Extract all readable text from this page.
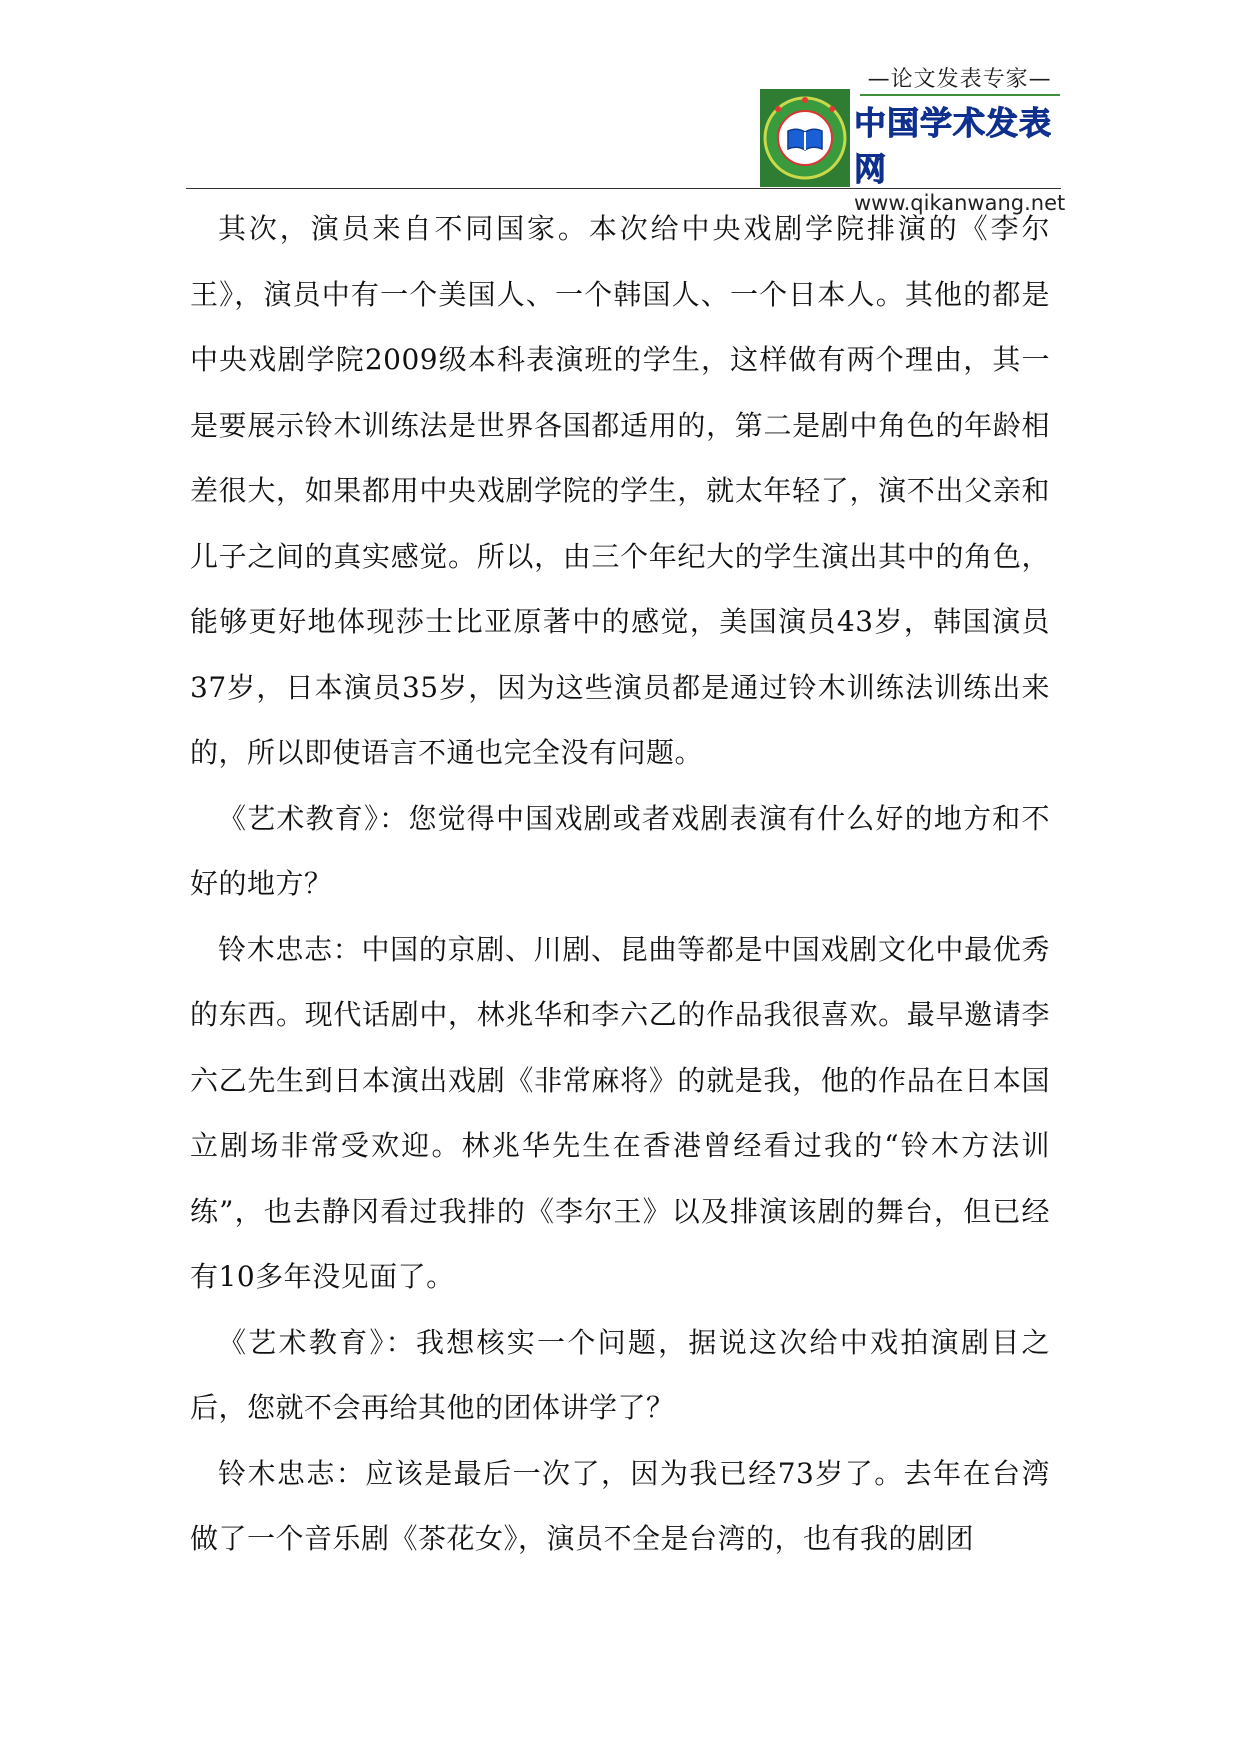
—论文发表专家—
中国学术发表网
www.qikanwang.net

其次，演员来自不同国家。本次给中央戏剧学院排演的《李尔王》，演员中有一个美国人、一个韩国人、一个日本人。其他的都是中央戏剧学院2009级本科表演班的学生，这样做有两个理由，其一是要展示铃木训练法是世界各国都适用的，第二是剧中角色的年龄相差很大，如果都用中央戏剧学院的学生，就太年轻了，演不出父亲和儿子之间的真实感觉。所以，由三个年纪大的学生演出其中的角色，能够更好地体现莎士比亚原著中的感觉，美国演员43岁，韩国演员37岁，日本演员35岁，因为这些演员都是通过铃木训练法训练出来的，所以即使语言不通也完全没有问题。

《艺术教育》：您觉得中国戏剧或者戏剧表演有什么好的地方和不好的地方？

铃木忠志：中国的京剧、川剧、昆曲等都是中国戏剧文化中最优秀的东西。现代话剧中，林兆华和李六乙的作品我很喜欢。最早邀请李六乙先生到日本演出戏剧《非常麻将》的就是我，他的作品在日本国立剧场非常受欢迎。林兆华先生在香港曾经看过我的“铃木方法训练”，也去静冈看过我排的《李尔王》以及排演该剧的舞台，但已经有10多年没见面了。

《艺术教育》：我想核实一个问题，据说这次给中戏拍演剧目之后，您就不会再给其他的团体讲学了？

铃木忠志：应该是最后一次了，因为我已经73岁了。去年在台湾做了一个音乐剧《茶花女》，演员不全是台湾的，也有我的剧团
